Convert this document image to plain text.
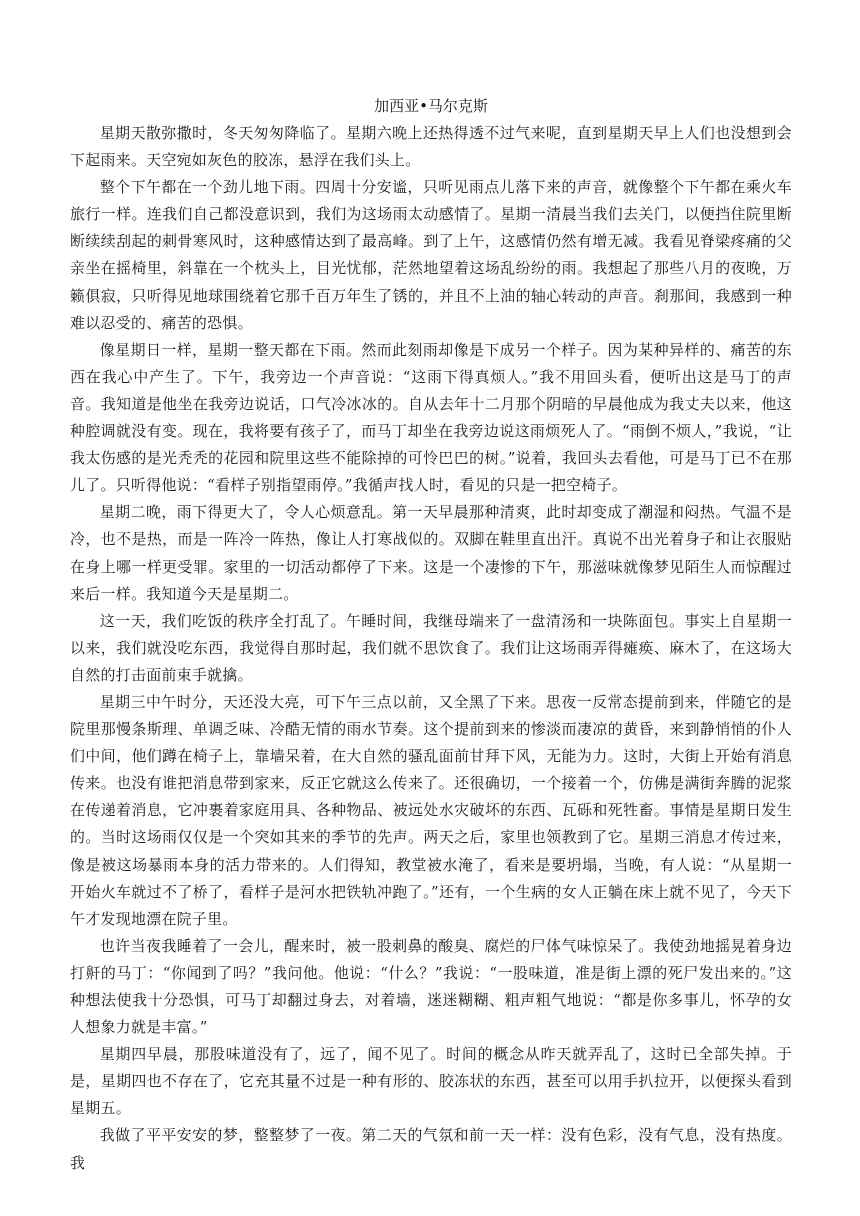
加西亚•马尔克斯

星期天散弥撒时，冬天匆匆降临了。星期六晚上还热得透不过气来呢，直到星期天早上人们也没想到会下起雨来。天空宛如灰色的胶冻，悬浮在我们头上。

整个下午都在一个劲儿地下雨。四周十分安谧，只听见雨点儿落下来的声音，就像整个下午都在乘火车旅行一样。连我们自己都没意识到，我们为这场雨太动感情了。星期一清晨当我们去关门，以便挡住院里断断续续刮起的刺骨寒风时，这种感情达到了最高峰。到了上午，这感情仍然有增无减。我看见脊梁疼痛的父亲坐在摇椅里，斜靠在一个枕头上，目光忧郁，茫然地望着这场乱纷纷的雨。我想起了那些八月的夜晚，万籁俱寂，只听得见地球围绕着它那千百万年生了锈的，并且不上油的轴心转动的声音。刹那间，我感到一种难以忍受的、痛苦的恐惧。

像星期日一样，星期一整天都在下雨。然而此刻雨却像是下成另一个样子。因为某种异样的、痛苦的东西在我心中产生了。下午，我旁边一个声音说：“这雨下得真烦人。”我不用回头看，便听出这是马丁的声音。我知道是他坐在我旁边说话，口气冷冰冰的。自从去年十二月那个阴暗的早晨他成为我丈夫以来，他这种腔调就没有变。现在，我将要有孩子了，而马丁却坐在我旁边说这雨烦死人了。“雨倒不烦人，”我说，“让我太伤感的是光秃秃的花园和院里这些不能除掉的可怜巴巴的树。”说着，我回头去看他，可是马丁已不在那儿了。只听得他说：“看样子别指望雨停。”我循声找人时，看见的只是一把空椅子。

星期二晚，雨下得更大了，令人心烦意乱。第一天早晨那种清爽，此时却变成了潮湿和闷热。气温不是冷，也不是热，而是一阵冷一阵热，像让人打寒战似的。双脚在鞋里直出汗。真说不出光着身子和让衣服贴在身上哪一样更受罪。家里的一切活动都停了下来。这是一个凄惨的下午，那滋味就像梦见陌生人而惊醒过来后一样。我知道今天是星期二。

这一天，我们吃饭的秩序全打乱了。午睡时间，我继母端来了一盘清汤和一块陈面包。事实上自星期一以来，我们就没吃东西，我觉得自那时起，我们就不思饮食了。我们让这场雨弄得瘫痪、麻木了，在这场大自然的打击面前束手就擒。

星期三中午时分，天还没大亮，可下午三点以前，又全黑了下来。思夜一反常态提前到来，伴随它的是院里那慢条斯理、单调乏味、冷酷无情的雨水节奏。这个提前到来的惨淡而凄凉的黄昏，来到静悄悄的仆人们中间，他们蹲在椅子上，靠墙呆着，在大自然的骚乱面前甘拜下风，无能为力。这时，大街上开始有消息传来。也没有谁把消息带到家来，反正它就这么传来了。还很确切，一个接着一个，仿佛是满街奔腾的泥浆在传递着消息，它冲裹着家庭用具、各种物品、被远处水灾破坏的东西、瓦砾和死牲畜。事情是星期日发生的。当时这场雨仅仅是一个突如其来的季节的先声。两天之后，家里也领教到了它。星期三消息才传过来，像是被这场暴雨本身的活力带来的。人们得知，教堂被水淹了，看来是要坍塌，当晚，有人说：“从星期一开始火车就过不了桥了，看样子是河水把铁轨冲跑了。”还有，一个生病的女人正躺在床上就不见了，今天下午才发现地漂在院子里。

也许当夜我睡着了一会儿，醒来时，被一股刺鼻的酸臭、腐烂的尸体气味惊呆了。我使劲地摇晃着身边打鼾的马丁：“你闻到了吗？”我问他。他说：“什么？”我说：“一股味道，准是街上漂的死尸发出来的。”这种想法使我十分恐惧，可马丁却翻过身去，对着墙，迷迷糊糊、粗声粗气地说：“都是你多事儿，怀孕的女人想象力就是丰富。”

星期四早晨，那股味道没有了，远了，闻不见了。时间的概念从昨天就弄乱了，这时已全部失掉。于是，星期四也不存在了，它充其量不过是一种有形的、胶冻状的东西，甚至可以用手扒拉开，以便探头看到星期五。

我做了平平安安的梦，整整梦了一夜。第二天的气氛和前一天一样：没有色彩，没有气息，没有热度。我
